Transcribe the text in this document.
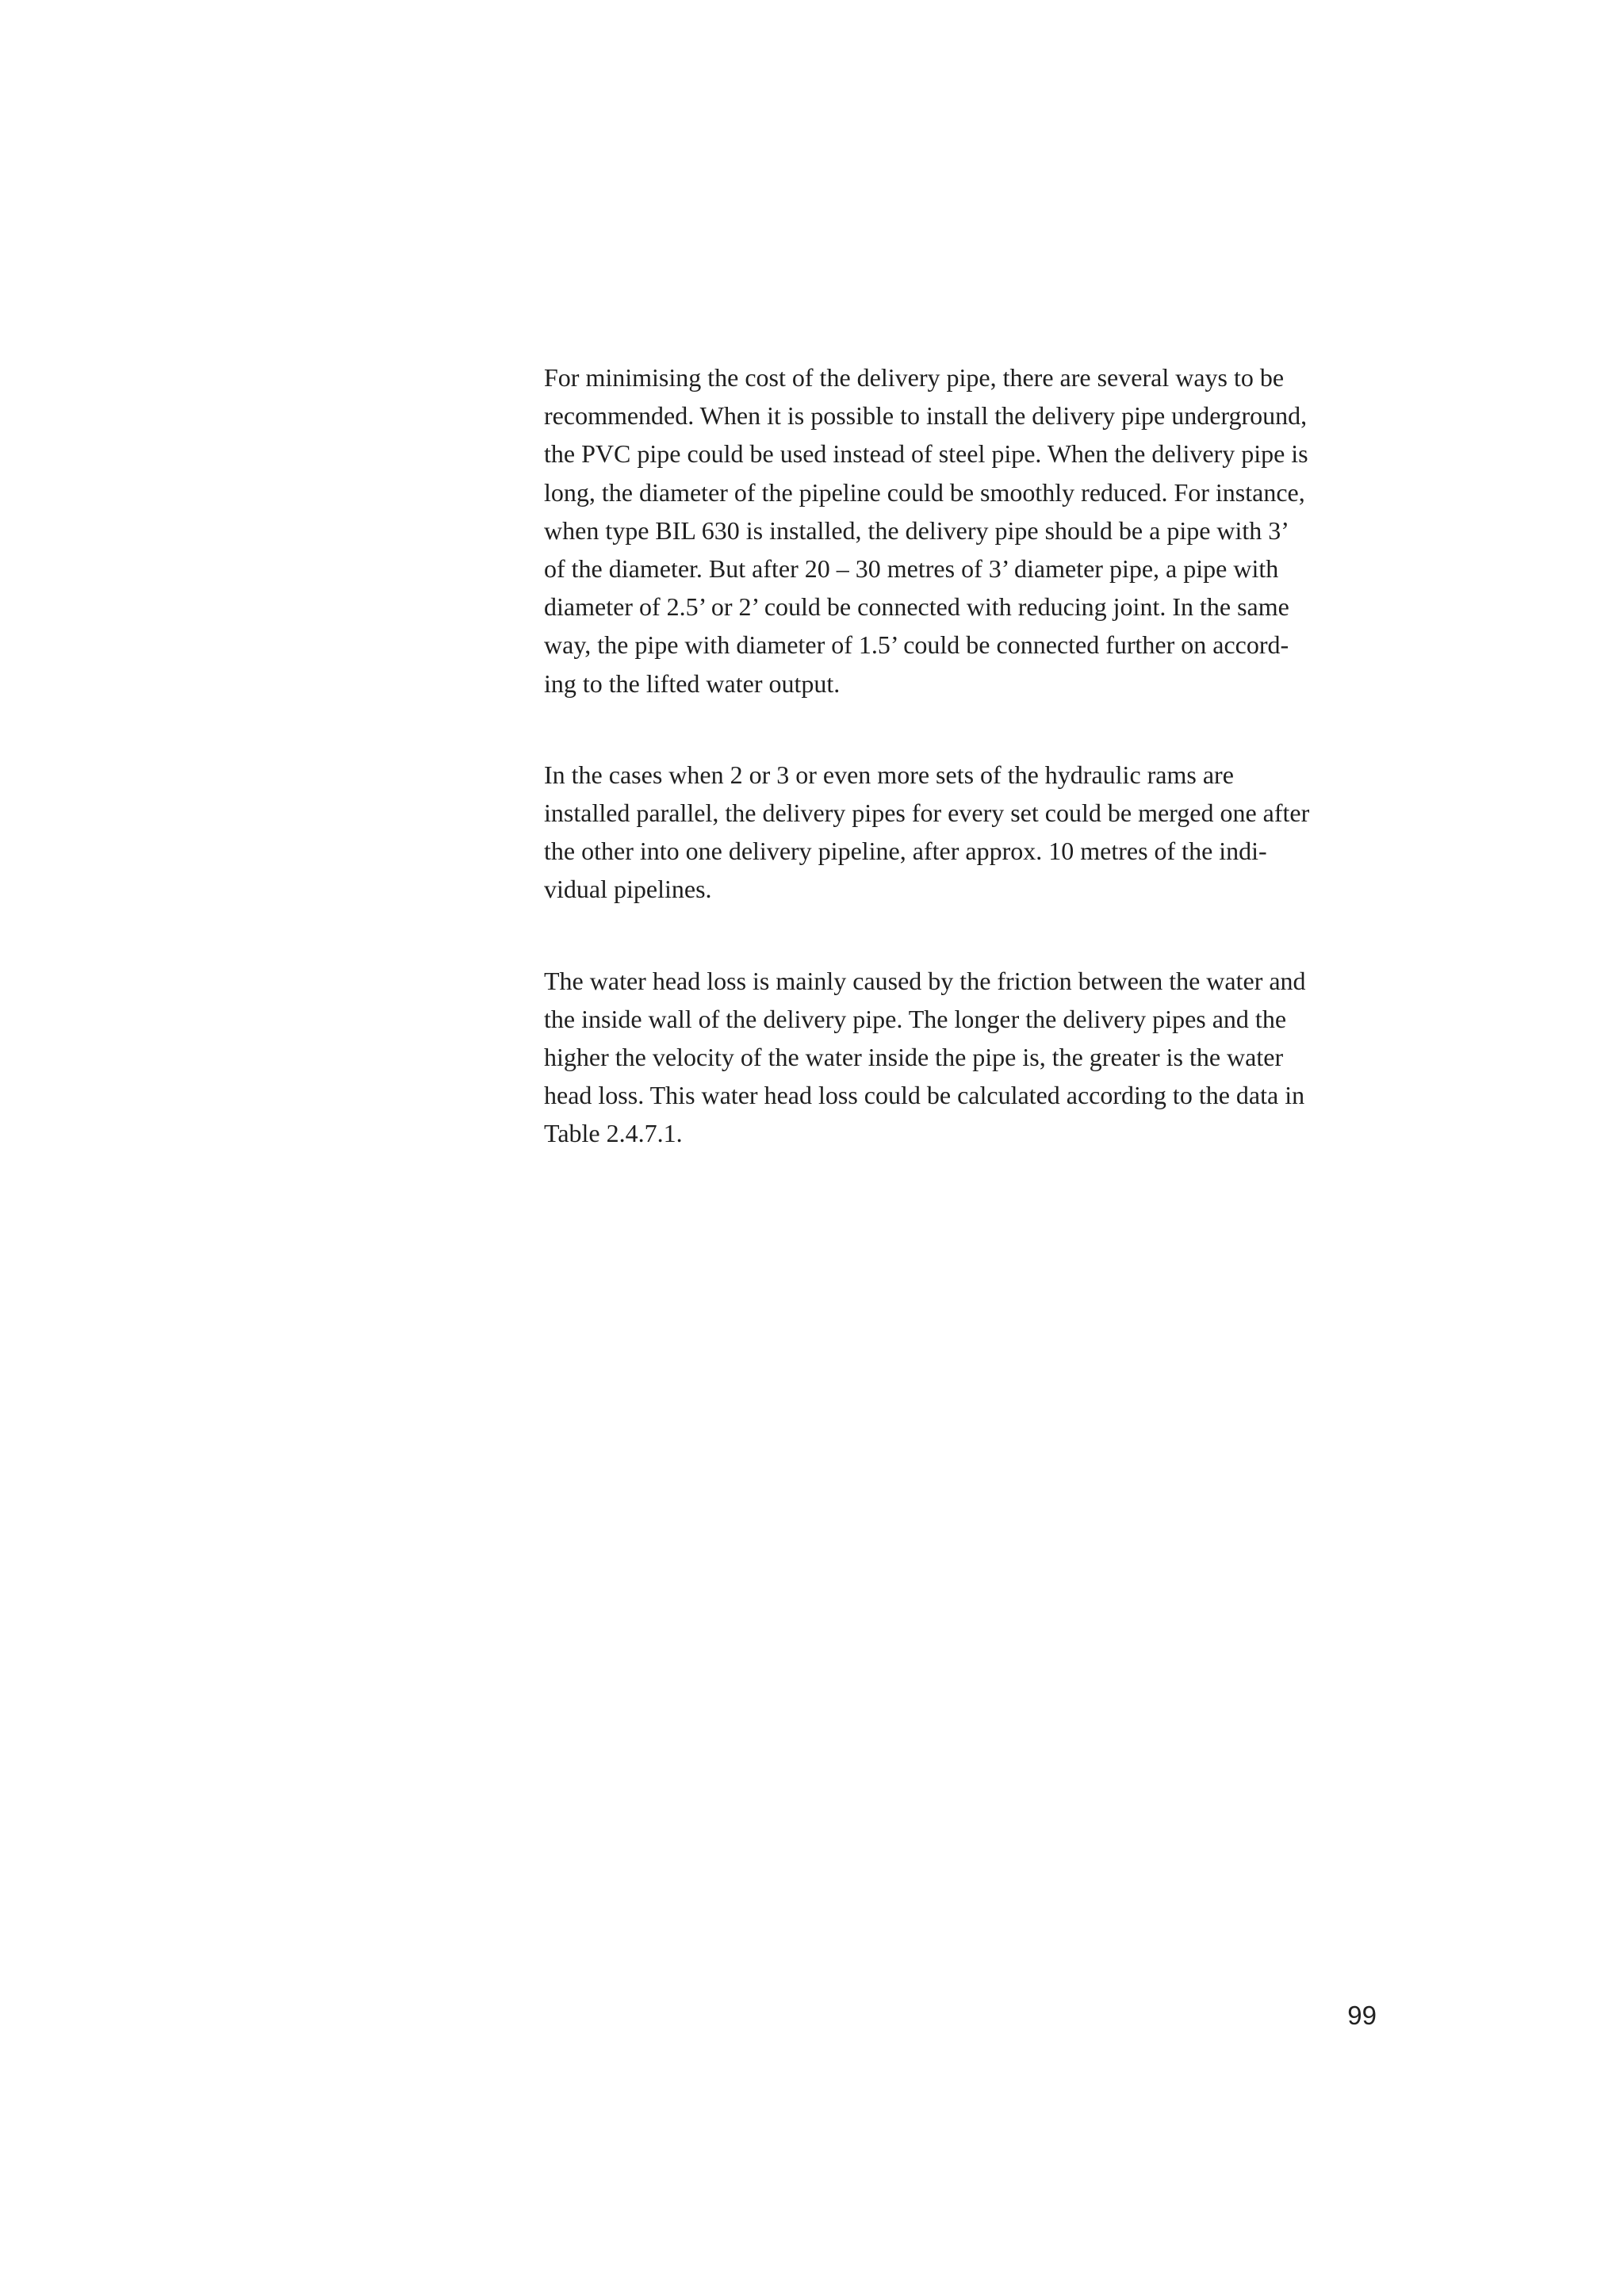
For minimising the cost of the delivery pipe, there are several ways to be
recommended. When it is possible to install the delivery pipe underground,
the PVC pipe could be used instead of steel pipe. When the delivery pipe is
long, the diameter of the pipeline could be smoothly reduced. For instance,
when type BIL 630 is installed, the delivery pipe should be a pipe with 3’
of the diameter. But after 20 – 30 metres of 3’ diameter pipe, a pipe with
diameter of 2.5’ or 2’ could be connected with reducing joint. In the same
way, the pipe with diameter of 1.5’ could be connected further on accord-
ing to the lifted water output.

In the cases when 2 or 3 or even more sets of the hydraulic rams are
installed parallel, the delivery pipes for every set could be merged one after
the other into one delivery pipeline, after approx. 10 metres of the indi-
vidual pipelines.

The water head loss is mainly caused by the friction between the water and
the inside wall of the delivery pipe. The longer the delivery pipes and the
higher the velocity of the water inside the pipe is, the greater is the water
head loss. This water head loss could be calculated according to the data in
Table 2.4.7.1.

99
